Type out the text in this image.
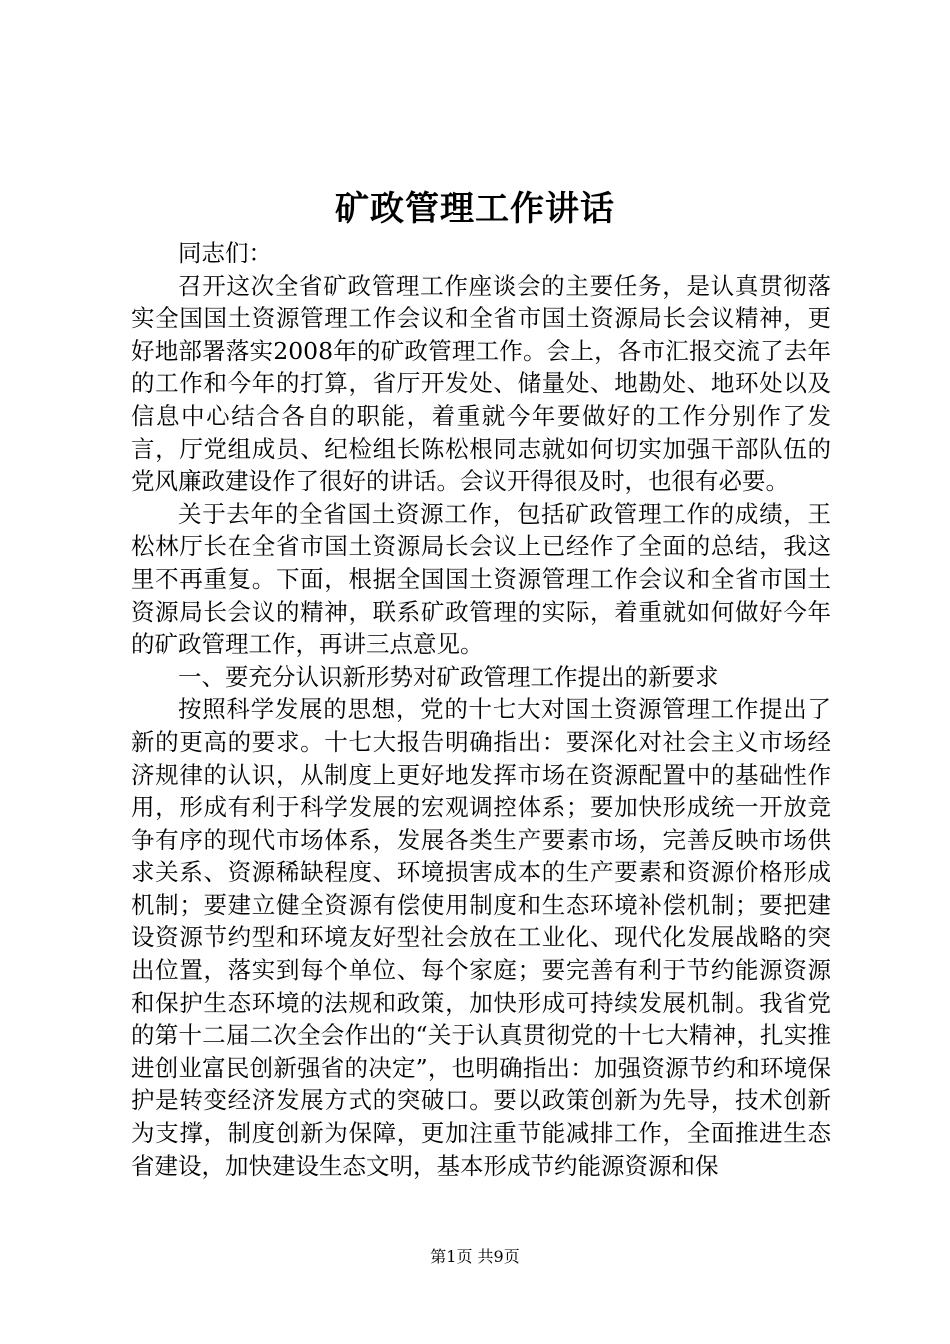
矿政管理工作讲话

同志们：

召开这次全省矿政管理工作座谈会的主要任务，是认真贯彻落实全国国土资源管理工作会议和全省市国土资源局长会议精神，更好地部署落实2008年的矿政管理工作。会上，各市汇报交流了去年的工作和今年的打算，省厅开发处、储量处、地勘处、地环处以及信息中心结合各自的职能，着重就今年要做好的工作分别作了发言，厅党组成员、纪检组长陈松根同志就如何切实加强干部队伍的党风廉政建设作了很好的讲话。会议开得很及时，也很有必要。

关于去年的全省国土资源工作，包括矿政管理工作的成绩，王松林厅长在全省市国土资源局长会议上已经作了全面的总结，我这里不再重复。下面，根据全国国土资源管理工作会议和全省市国土资源局长会议的精神，联系矿政管理的实际，着重就如何做好今年的矿政管理工作，再讲三点意见。

一、要充分认识新形势对矿政管理工作提出的新要求

按照科学发展的思想，党的十七大对国土资源管理工作提出了新的更高的要求。十七大报告明确指出：要深化对社会主义市场经济规律的认识，从制度上更好地发挥市场在资源配置中的基础性作用，形成有利于科学发展的宏观调控体系；要加快形成统一开放竞争有序的现代市场体系，发展各类生产要素市场，完善反映市场供求关系、资源稀缺程度、环境损害成本的生产要素和资源价格形成机制；要建立健全资源有偿使用制度和生态环境补偿机制；要把建设资源节约型和环境友好型社会放在工业化、现代化发展战略的突出位置，落实到每个单位、每个家庭；要完善有利于节约能源资源和保护生态环境的法规和政策，加快形成可持续发展机制。我省党的第十二届二次全会作出的“关于认真贯彻党的十七大精神，扎实推进创业富民创新强省的决定”，也明确指出：加强资源节约和环境保护是转变经济发展方式的突破口。要以政策创新为先导，技术创新为支撑，制度创新为保障，更加注重节能减排工作，全面推进生态省建设，加快建设生态文明，基本形成节约能源资源和保

第1页 共9页
